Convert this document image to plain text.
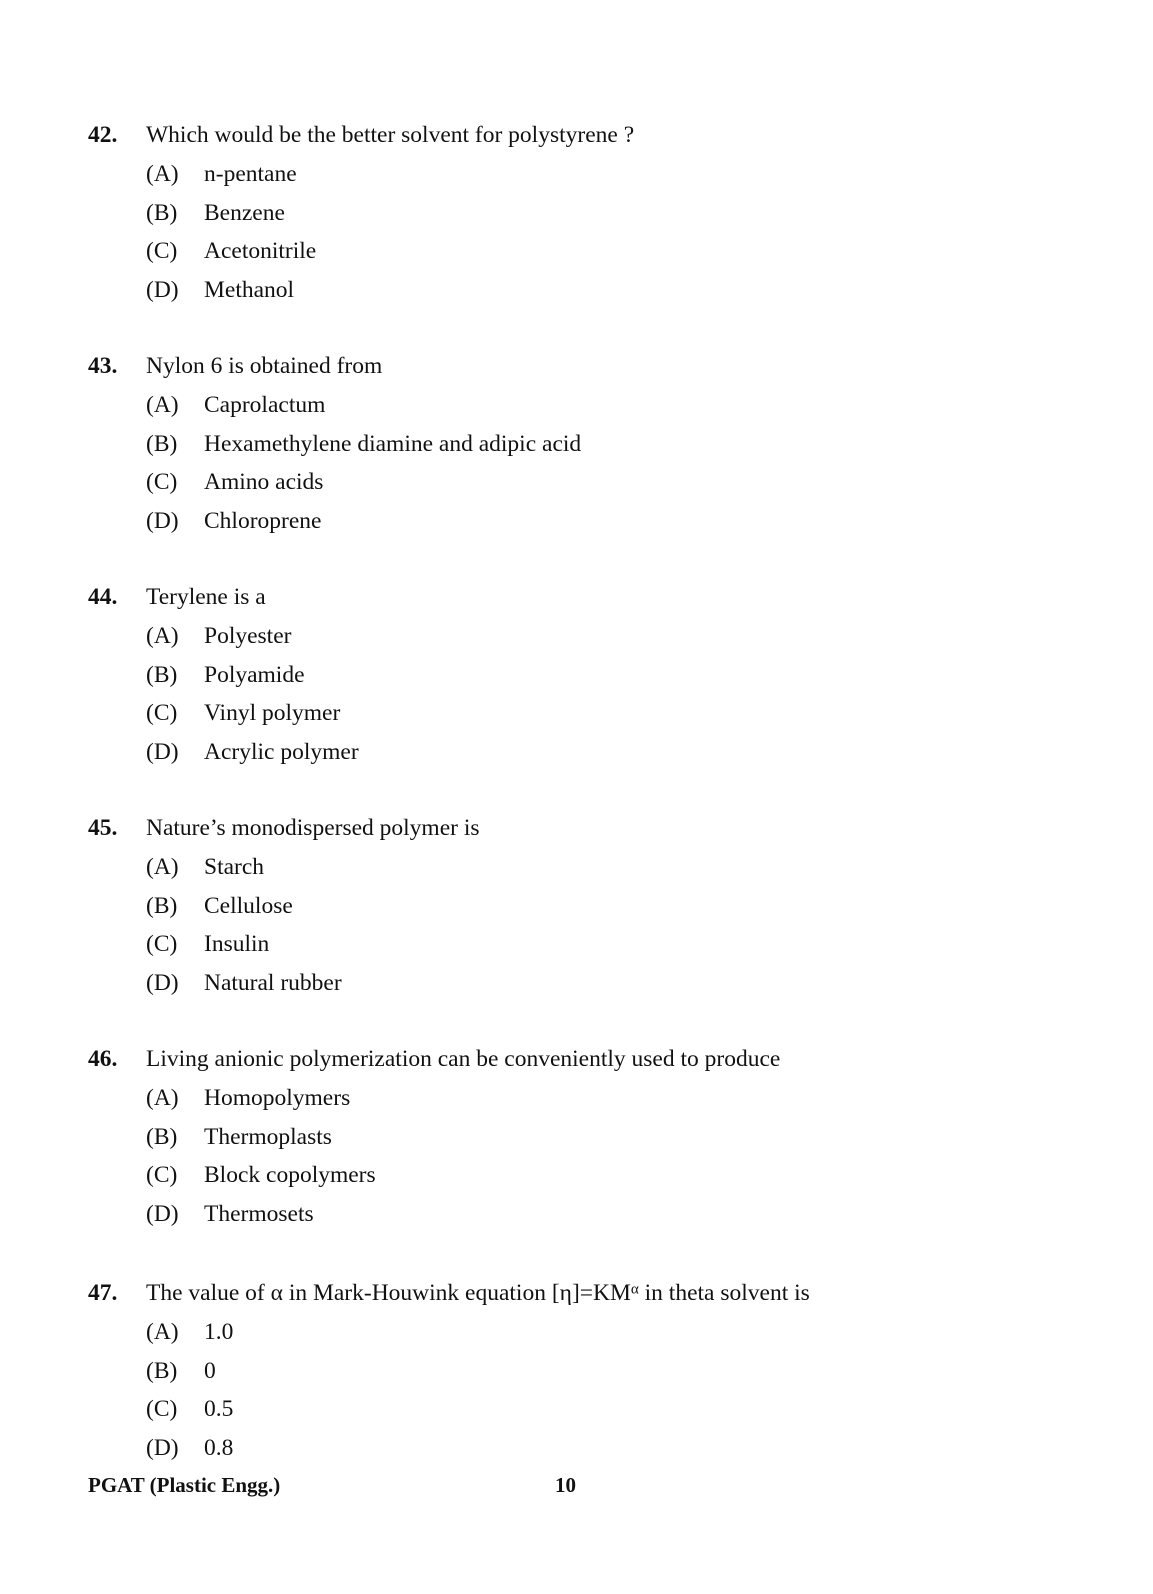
42. Which would be the better solvent for polystyrene ?
(A) n-pentane
(B) Benzene
(C) Acetonitrile
(D) Methanol
43. Nylon 6 is obtained from
(A) Caprolactum
(B) Hexamethylene diamine and adipic acid
(C) Amino acids
(D) Chloroprene
44. Terylene is a
(A) Polyester
(B) Polyamide
(C) Vinyl polymer
(D) Acrylic polymer
45. Nature’s monodispersed polymer is
(A) Starch
(B) Cellulose
(C) Insulin
(D) Natural rubber
46. Living anionic polymerization can be conveniently used to produce
(A) Homopolymers
(B) Thermoplasts
(C) Block copolymers
(D) Thermosets
47. The value of α in Mark-Houwink equation $[\eta]=KM^\alpha$ in theta solvent is
(A) 1.0
(B) 0
(C) 0.5
(D) 0.8
PGAT (Plastic Engg.)	10
